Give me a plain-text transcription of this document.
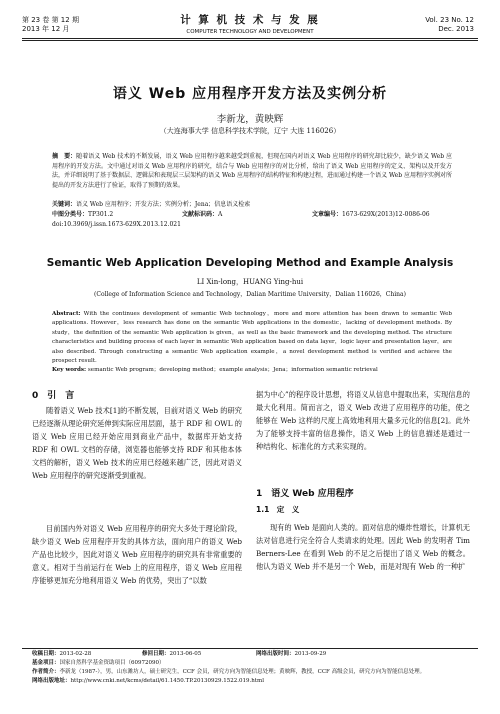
第 23 卷 第 12 期
2013 年 12 月
计 算 机 技 术 与 发 展
COMPUTER TECHNOLOGY AND DEVELOPMENT
Vol. 23 No. 12
Dec. 2013
语义 Web 应用程序开发方法及实例分析
李新龙，黄映辉
（大连海事大学 信息科学技术学院，辽宁 大连 116026）
摘　要：随着语义 Web 技术的不断发展，语义 Web 应用程序越来越受到重视，但现在国内对语义 Web 应用程序的研究却比较少，缺少语义 Web 应用程序的开发方法。文中通过对语义 Web 应用程序的研究，结合与 Web 应用程序的对比分析，给出了语义 Web 应用程序的定义、架构以及开发方法，并详细说明了基于数据层、逻辑层和表现层三层架构的语义 Web 应用程序的结构特征和构建过程，进而通过构建一个语义 Web 应用程序实例对所提出的开发方法进行了验证，取得了预期的效果。
关键词：语义 Web 应用程序；开发方法；实例分析；Jena；信息语义检索
中图分类号：TP301.2	文献标识码：A	文章编号：1673-629X(2013)12-0086-06
doi:10.3969/j.issn.1673-629X.2013.12.021
Semantic Web Application Developing Method and Example Analysis
LI Xin-long，HUANG Ying-hui
(College of Information Science and Technology，Dalian Maritime University，Dalian 116026，China)
Abstract: With the continues development of semantic Web technology，more and more attention has been drawn to semantic Web applications. However，less research has done on the semantic Web applications in the domestic，lacking of development methods. By study，the definition of the semantic Web application is given，as well as the basic framework and the developing method. The structure characteristics and building process of each layer in semantic Web application based on data layer，logic layer and presentation layer，are also described. Through constructing a semantic Web application example，a novel development method is verified and achieve the prospect result.
Key words: semantic Web program；developing method；example analysis；Jena；information semantic retrieval
0　引　言
随着语义 Web 技术[1]的不断发展，目前对语义 Web 的研究已经逐渐从理论研究延伸到实际应用层面，基于 RDF 和 OWL 的语义 Web 应用已经开始应用到商业产品中，数据库开始支持 RDF 和 OWL 文档的存储，浏览器也能够支持 RDF 和其他本体文档的解析，语义 Web 技术的应用已经越来越广泛，因此对语义 Web 应用程序的研究逐渐受到重视。
目前国内外对语义 Web 应用程序的研究大多处于理论阶段，缺少语义 Web 应用程序开发的具体方法，面向用户的语义 Web 产品也比较少，因此对语义 Web 应用程序的研究具有非常重要的意义。相对于当前运行在 Web 上的应用程序，语义 Web 应用程序能够更加充分地利用语义 Web 的优势，突出了“以数
据为中心”的程序设计思想，将语义从信息中提取出来，实现信息的最大化利用。简而言之，语义 Web 改进了应用程序的功能，使之能够在 Web 这样的尺度上高效地利用大量多元化的信息[2]。此外为了能够支持丰富的信息操作，语义 Web 上的信息描述是通过一种结构化、标准化的方式来实现的。
1　语义 Web 应用程序
1.1　定　义
现有的 Web 是面向人类的。面对信息的爆炸性增长，计算机无法对信息进行完全符合人类请求的处理。因此 Web 的发明者 Tim Berners-Lee 在看到 Web 的不足之后提出了语义 Web 的概念。他认为语义 Web 并不是另一个 Web，而是对现有 Web 的一种扩
收稿日期：2013-02-28	修回日期：2013-06-05	网络出版时间：2013-09-29
基金项目：国家自然科学基金资助项目（60972090）
作者简介：李新龙（1987-），男，山东潍坊人，硕士研究生，CCF 会员，研究方向为智能信息处理；黄映辉，教授，CCF 高级会员，研究方向为智能信息处理。
网络出版地址：http://www.cnki.net/kcms/detail/61.1450.TP.20130929.1522.019.html
